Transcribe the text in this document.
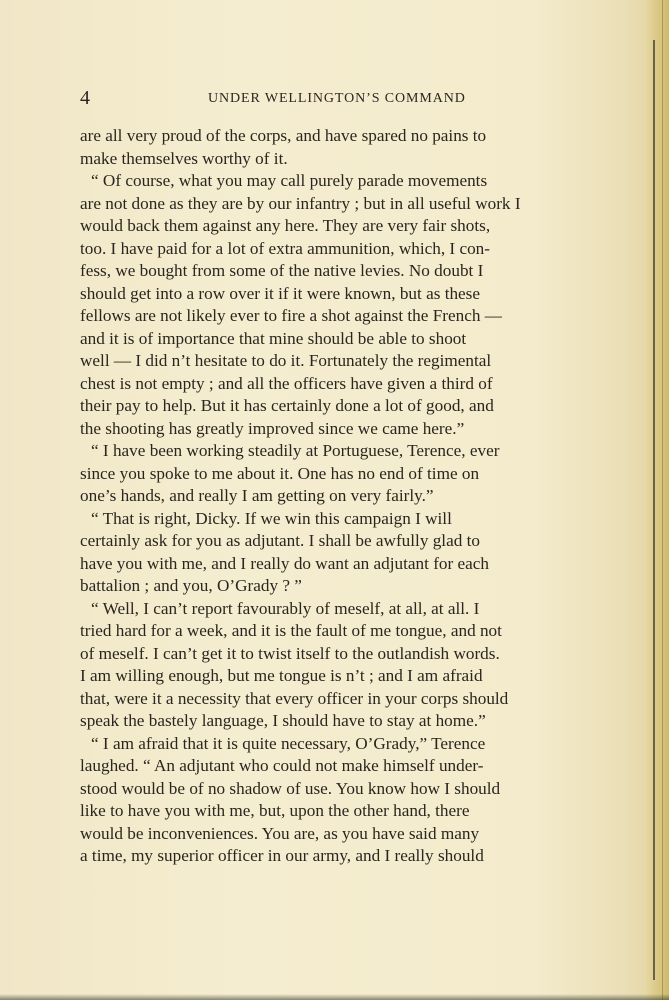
4	UNDER WELLINGTON’S COMMAND
are all very proud of the corps, and have spared no pains to
make themselves worthy of it.
“ Of course, what you may call purely parade movements
are not done as they are by our infantry ; but in all useful work I
would back them against any here. They are very fair shots,
too. I have paid for a lot of extra ammunition, which, I con-
fess, we bought from some of the native levies. No doubt I
should get into a row over it if it were known, but as these
fellows are not likely ever to fire a shot against the French —
and it is of importance that mine should be able to shoot
well — I did n’t hesitate to do it. Fortunately the regimental
chest is not empty ; and all the officers have given a third of
their pay to help. But it has certainly done a lot of good, and
the shooting has greatly improved since we came here.”
“ I have been working steadily at Portuguese, Terence, ever
since you spoke to me about it. One has no end of time on
one’s hands, and really I am getting on very fairly.”
“ That is right, Dicky. If we win this campaign I will
certainly ask for you as adjutant. I shall be awfully glad to
have you with me, and I really do want an adjutant for each
battalion ; and you, O’Grady ? ”
“ Well, I can’t report favourably of meself, at all, at all. I
tried hard for a week, and it is the fault of me tongue, and not
of meself. I can’t get it to twist itself to the outlandish words.
I am willing enough, but me tongue is n’t ; and I am afraid
that, were it a necessity that every officer in your corps should
speak the bastely language, I should have to stay at home.”
“ I am afraid that it is quite necessary, O’Grady,” Terence
laughed. “ An adjutant who could not make himself under-
stood would be of no shadow of use. You know how I should
like to have you with me, but, upon the other hand, there
would be inconveniences. You are, as you have said many
a time, my superior officer in our army, and I really should
